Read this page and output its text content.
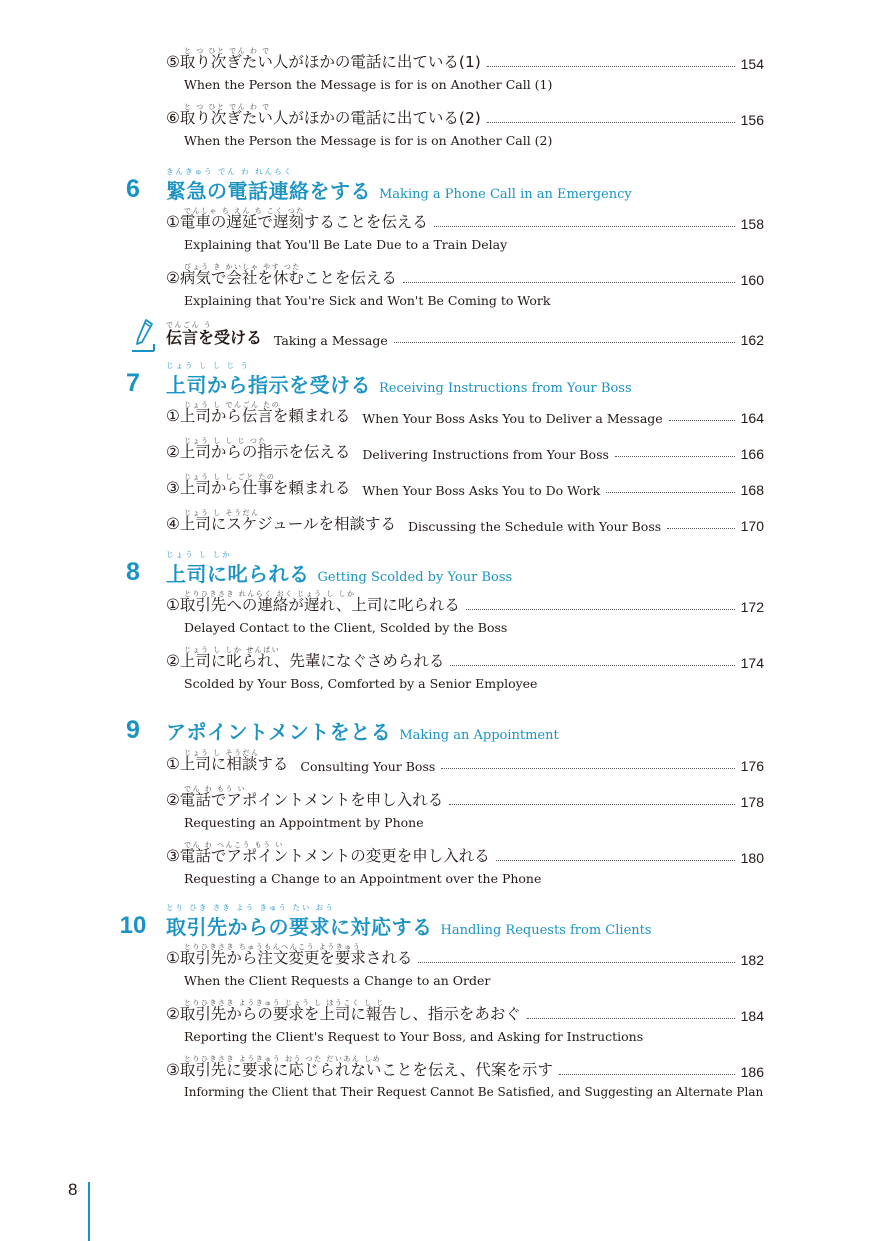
と つ ひと でん わ で
⑤取り次ぎたい人がほかの電話に出ている(1)	154
When the Person the Message is for is on Another Call (1)
と つ ひと でん わ で
⑥取り次ぎたい人がほかの電話に出ている(2)	156
When the Person the Message is for is on Another Call (2)
きんきゅう でん わ れんらく
6	緊急の電話連絡をする Making a Phone Call in an Emergency
でんしゃ ち えん ち こく つた
①電車の遅延で遅刻することを伝える	158
Explaining that You'll Be Late Due to a Train Delay
びょう き かいしゃ やす つた
②病気で会社を休むことを伝える	160
Explaining that You're Sick and Won't Be Coming to Work
でんごん う
伝言を受ける Taking a Message	162
じょう し し じ う
7	上司から指示を受ける Receiving Instructions from Your Boss
じょう し でんごん たの
①上司から伝言を頼まれる When Your Boss Asks You to Deliver a Message	164
じょう し し じ つた
②上司からの指示を伝える Delivering Instructions from Your Boss	166
じょう し し ごと たの
③上司から仕事を頼まれる When Your Boss Asks You to Do Work	168
じょう し そうだん
④上司にスケジュールを相談する Discussing the Schedule with Your Boss	170
じょう し しか
8	上司に叱られる Getting Scolded by Your Boss
とりひきさき れんらく おく じょう し しか
①取引先への連絡が遅れ、上司に叱られる	172
Delayed Contact to the Client, Scolded by the Boss
じょう し しか せんぱい
②上司に叱られ、先輩になぐさめられる	174
Scolded by Your Boss, Comforted by a Senior Employee
9	アポイントメントをとる Making an Appointment
じょう し そうだん
①上司に相談する Consulting Your Boss	176
でん わ もう い
②電話でアポイントメントを申し入れる	178
Requesting an Appointment by Phone
でん わ へんこう もう い
③電話でアポイントメントの変更を申し入れる	180
Requesting a Change to an Appointment over the Phone
とり ひき さき よう きゅう たい おう
10 取引先からの要求に対応する Handling Requests from Clients
とりひきさき ちゅうもんへんこう ようきゅう
①取引先から注文変更を要求される	182
When the Client Requests a Change to an Order
とりひきさき ようきゅう じょう し ほうこく し じ
②取引先からの要求を上司に報告し、指示をあおぐ	184
Reporting the Client's Request to Your Boss, and Asking for Instructions
とりひきさき ようきゅう おう つた だいあん しめ
③取引先に要求に応じられないことを伝え、代案を示す	186
Informing the Client that Their Request Cannot Be Satisfied, and Suggesting an Alternate Plan
8
